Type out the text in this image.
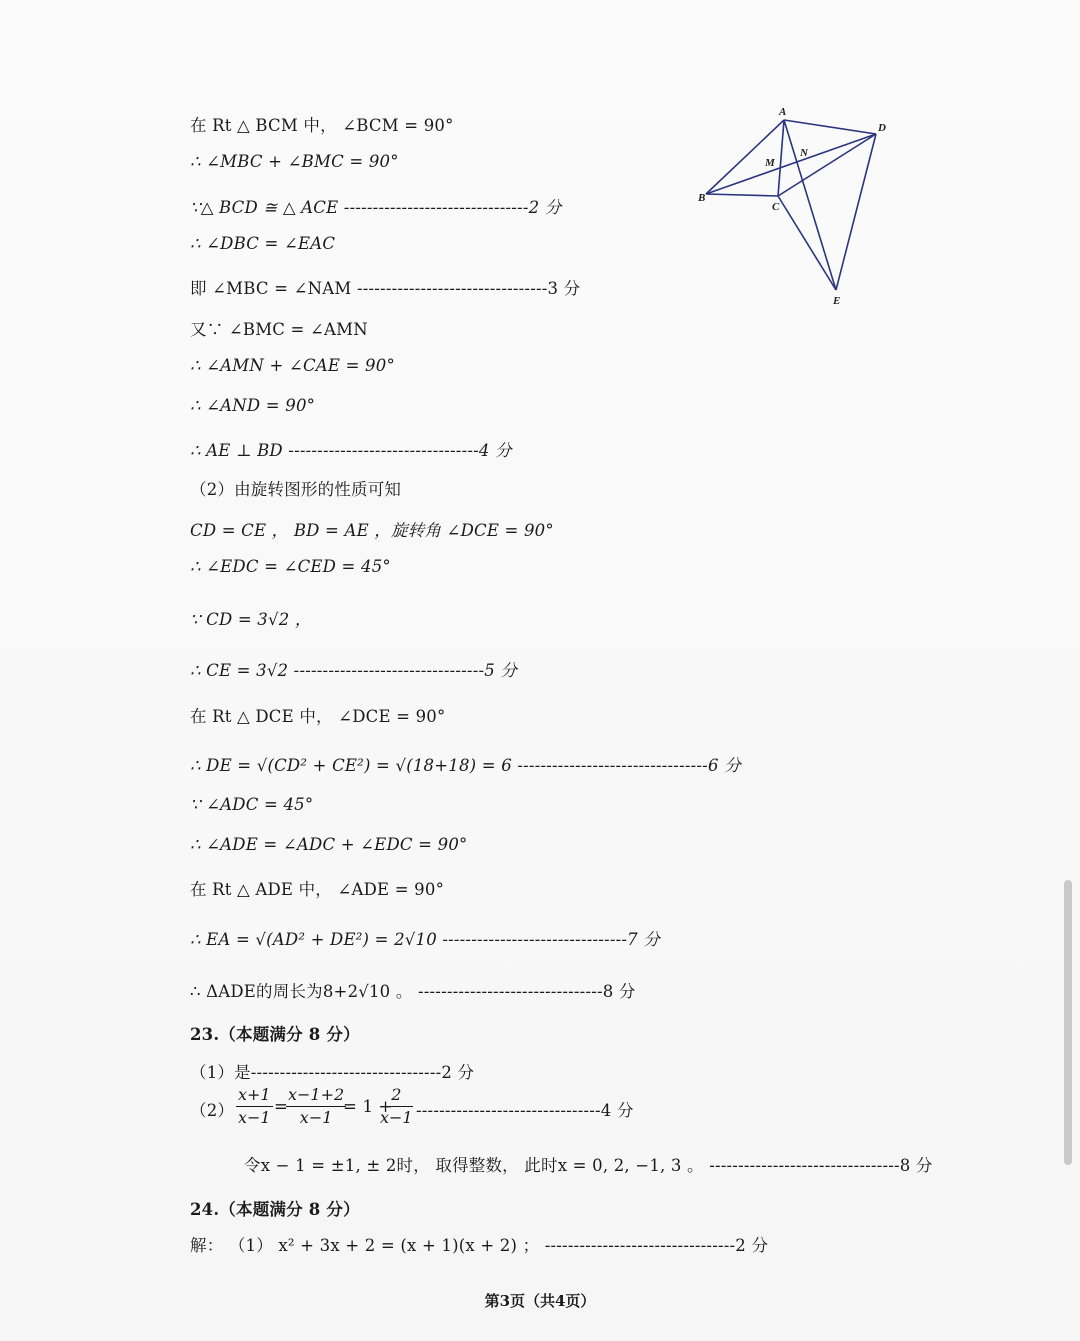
在 Rt △ BCM 中， ∠BCM = 90°
∴ ∠MBC + ∠BMC = 90°
∵△ BCD ≅ △ ACE --------------------------------2 分
∴ ∠DBC = ∠EAC
即 ∠MBC = ∠NAM ---------------------------------3 分
又∵ ∠BMC = ∠AMN
∴ ∠AMN + ∠CAE = 90°
∴ ∠AND = 90°
∴ AE ⊥ BD ---------------------------------4 分
（2）由旋转图形的性质可知
CD = CE ， BD = AE ，旋转角 ∠DCE = 90°
∴ ∠EDC = ∠CED = 45°
∵ CD = 3√2 ，
∴ CE = 3√2 ---------------------------------5 分
在 Rt △ DCE 中， ∠DCE = 90°
∴ DE = √(CD² + CE²) = √(18+18) = 6 ---------------------------------6 分
∵ ∠ADC = 45°
∴ ∠ADE = ∠ADC + ∠EDC = 90°
在 Rt △ ADE 中， ∠ADE = 90°
∴ EA = √(AD² + DE²) = 2√10 --------------------------------7 分
∴ ΔADE的周长为8+2√10 。 --------------------------------8 分
23.（本题满分 8 分）
（1）是---------------------------------2 分
$(2) \frac{x+1}{x-1}$ =
$\frac{x-1+2}{x-1}$
= 1 +
$\frac{2}{x-1} --------------------------------4$ 分
令x − 1 = ±1, ± 2时， 取得整数， 此时x = 0, 2, −1, 3 。 ---------------------------------8 分
24.（本题满分 8 分）
解： （1） x² + 3x + 2 = (x + 1)(x + 2) ； ---------------------------------2 分
A
D
B
C
E
M
N
第3页（共4页）
